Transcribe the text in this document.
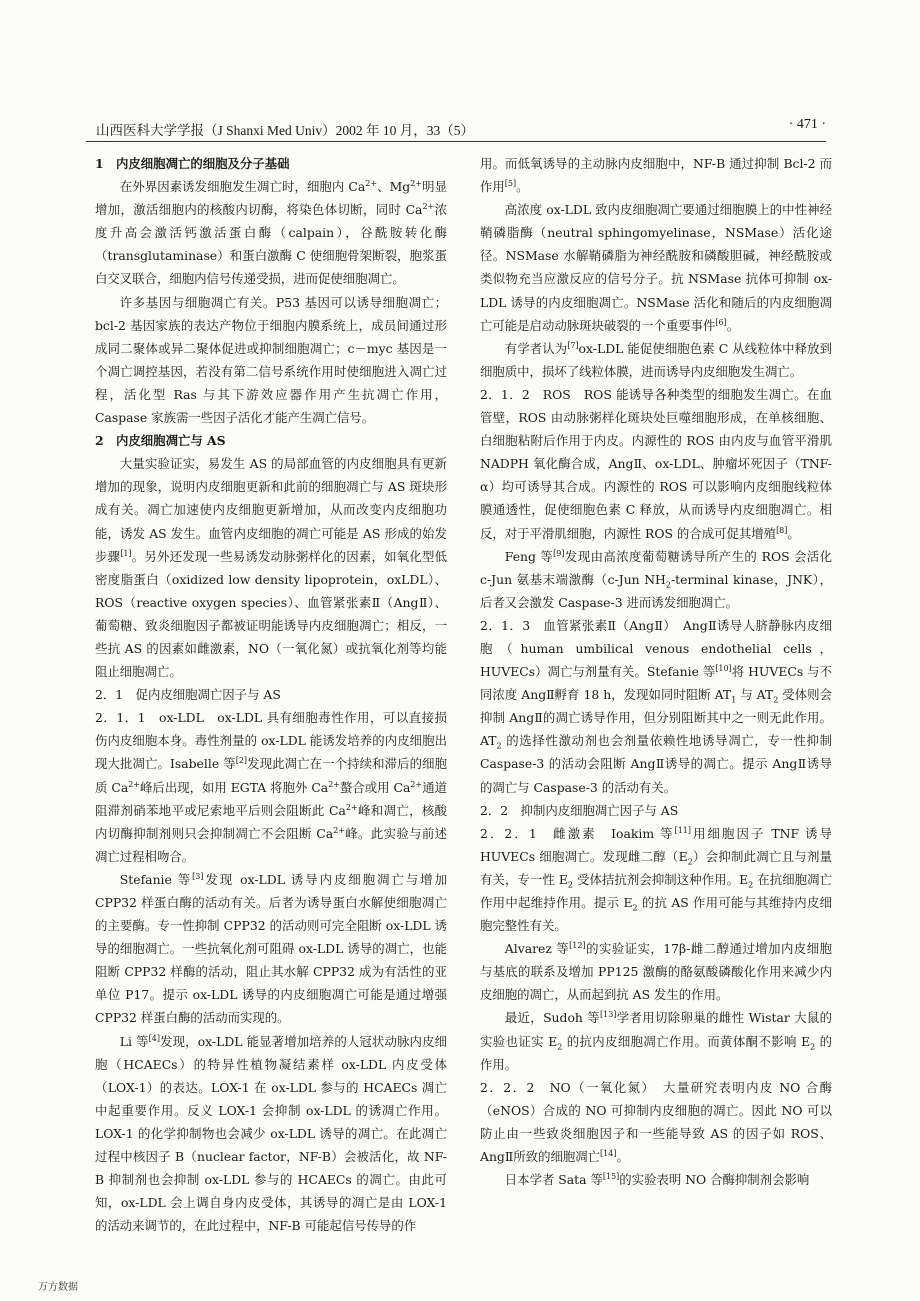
山西医科大学学报（J Shanxi Med Univ）2002 年 10 月，33（5）	· 471 ·

1　内皮细胞凋亡的细胞及分子基础

在外界因素诱发细胞发生凋亡时，细胞内 $Ca^{2+}$、$Mg^{2+}$明显增加，激活细胞内的核酸内切酶，将染色体切断，同时 $Ca^{2+}$浓度升高会激活钙激活蛋白酶（calpain），谷酰胺转化酶（transglutaminase）和蛋白激酶 C 使细胞骨架断裂，胞浆蛋白交叉联合，细胞内信号传递受损，进而促使细胞凋亡。

许多基因与细胞凋亡有关。P53 基因可以诱导细胞凋亡；bcl-2 基因家族的表达产物位于细胞内膜系统上，成员间通过形成同二聚体或异二聚体促进或抑制细胞凋亡；c－myc 基因是一个凋亡调控基因，若没有第二信号系统作用时使细胞进入凋亡过程，活化型 Ras 与其下游效应器作用产生抗凋亡作用，Caspase 家族需一些因子活化才能产生凋亡信号。

2　内皮细胞凋亡与 AS

大量实验证实，易发生 AS 的局部血管的内皮细胞具有更新增加的现象，说明内皮细胞更新和此前的细胞凋亡与 AS 斑块形成有关。凋亡加速使内皮细胞更新增加，从而改变内皮细胞功能，诱发 AS 发生。血管内皮细胞的凋亡可能是 AS 形成的始发步骤[1]。另外还发现一些易诱发动脉粥样化的因素，如氧化型低密度脂蛋白（oxidized low density lipoprotein，oxLDL）、ROS（reactive oxygen species）、血管紧张素Ⅱ（AngⅡ）、葡萄糖、致炎细胞因子都被证明能诱导内皮细胞凋亡；相反，一些抗 AS 的因素如雌激素，NO（一氧化氮）或抗氧化剂等均能阻止细胞凋亡。

2．1　促内皮细胞凋亡因子与 AS

2．1．1　ox-LDL　ox-LDL 具有细胞毒性作用，可以直接损伤内皮细胞本身。毒性剂量的 ox-LDL 能诱发培养的内皮细胞出现大批凋亡。Isabelle 等[2]发现此凋亡在一个持续和滞后的细胞质 $Ca^{2+}$峰后出现，如用 EGTA 将胞外 $Ca^{2+}$螯合或用 $Ca^{2+}$通道阻滞剂硝苯地平或尼索地平后则会阻断此 $Ca^{2+}$峰和凋亡，核酸内切酶抑制剂则只会抑制凋亡不会阻断 $Ca^{2+}$峰。此实验与前述凋亡过程相吻合。

Stefanie 等[3]发现 ox-LDL 诱导内皮细胞凋亡与增加 CPP32 样蛋白酶的活动有关。后者为诱导蛋白水解使细胞凋亡的主要酶。专一性抑制 CPP32 的活动则可完全阻断 ox-LDL 诱导的细胞凋亡。一些抗氧化剂可阻碍 ox-LDL 诱导的凋亡，也能阻断 CPP32 样酶的活动，阻止其水解 CPP32 成为有活性的亚单位 P17。提示 ox-LDL 诱导的内皮细胞凋亡可能是通过增强 CPP32 样蛋白酶的活动而实现的。

Li 等[4]发现，ox-LDL 能显著增加培养的人冠状动脉内皮细胞（HCAECs）的特异性植物凝结素样 ox-LDL 内皮受体（LOX-1）的表达。LOX-1 在 ox-LDL 参与的 HCAECs 凋亡中起重要作用。反义 LOX-1 会抑制 ox-LDL 的诱凋亡作用。LOX-1 的化学抑制物也会减少 ox-LDL 诱导的凋亡。在此凋亡过程中核因子 B（nuclear factor，NF-B）会被活化，故 NF-B 抑制剂也会抑制 ox-LDL 参与的 HCAECs 的凋亡。由此可知，ox-LDL 会上调自身内皮受体，其诱导的凋亡是由 LOX-1 的活动来调节的，在此过程中，NF-B 可能起信号传导的作

用。而低氧诱导的主动脉内皮细胞中，NF-B 通过抑制 Bcl-2 而作用[5]。

高浓度 ox-LDL 致内皮细胞凋亡要通过细胞膜上的中性神经鞘磷脂酶（neutral sphingomyelinase，NSMase）活化途径。NSMase 水解鞘磷脂为神经酰胺和磷酸胆碱，神经酰胺或类似物充当应激反应的信号分子。抗 NSMase 抗体可抑制 ox-LDL 诱导的内皮细胞凋亡。NSMase 活化和随后的内皮细胞凋亡可能是启动动脉斑块破裂的一个重要事件[6]。

有学者认为[7]ox-LDL 能促使细胞色素 C 从线粒体中释放到细胞质中，损坏了线粒体膜，进而诱导内皮细胞发生凋亡。

2．1．2　ROS　ROS 能诱导各种类型的细胞发生凋亡。在血管壁，ROS 由动脉粥样化斑块处巨噬细胞形成，在单核细胞、白细胞粘附后作用于内皮。内源性的 ROS 由内皮与血管平滑肌 NADPH 氧化酶合成，AngⅡ、ox-LDL、肿瘤坏死因子（TNF-α）均可诱导其合成。内源性的 ROS 可以影响内皮细胞线粒体膜通透性，促使细胞色素 C 释放，从而诱导内皮细胞凋亡。相反，对于平滑肌细胞，内源性 ROS 的合成可促其增殖[8]。

Feng 等[9]发现由高浓度葡萄糖诱导所产生的 ROS 会活化 c-Jun 氨基末端激酶（c-Jun $NH_2$-terminal kinase，JNK），后者又会激发 Caspase-3 进而诱发细胞凋亡。

2．1．3　血管紧张素Ⅱ（AngⅡ）　AngⅡ诱导人脐静脉内皮细胞（human umbilical venous endothelial cells，HUVECs）凋亡与剂量有关。Stefanie 等[10]将 HUVECs 与不同浓度 AngⅡ孵育 18 h，发现如同时阻断 $AT_1$ 与 $AT_2$ 受体则会抑制 AngⅡ的凋亡诱导作用，但分别阻断其中之一则无此作用。$AT_2$ 的选择性激动剂也会剂量依赖性地诱导凋亡，专一性抑制 Caspase-3 的活动会阻断 AngⅡ诱导的凋亡。提示 AngⅡ诱导的凋亡与 Caspase-3 的活动有关。

2．2　抑制内皮细胞凋亡因子与 AS

2．2．1　雌激素　Ioakim 等[11]用细胞因子 TNF 诱导 HUVECs 细胞凋亡。发现雌二醇$(E_2)$会抑制此凋亡且与剂量有关，专一性 $E_2$ 受体拮抗剂会抑制这种作用。$E_2$ 在抗细胞凋亡作用中起维持作用。提示 $E_2$ 的抗 AS 作用可能与其维持内皮细胞完整性有关。

Alvarez 等[12]的实验证实，17β-雌二醇通过增加内皮细胞与基底的联系及增加 PP125 激酶的酪氨酸磷酸化作用来减少内皮细胞的凋亡，从而起到抗 AS 发生的作用。

最近，Sudoh 等[13]学者用切除卵巢的雌性 Wistar 大鼠的实验也证实 $E_2$ 的抗内皮细胞凋亡作用。而黄体酮不影响 $E_2$ 的作用。

2．2．2　NO（一氧化氮）　大量研究表明内皮 NO 合酶（eNOS）合成的 NO 可抑制内皮细胞的凋亡。因此 NO 可以防止由一些致炎细胞因子和一些能导致 AS 的因子如 ROS、AngⅡ所致的细胞凋亡[14]。

日本学者 Sata 等[15]的实验表明 NO 合酶抑制剂会影响

万方数据
